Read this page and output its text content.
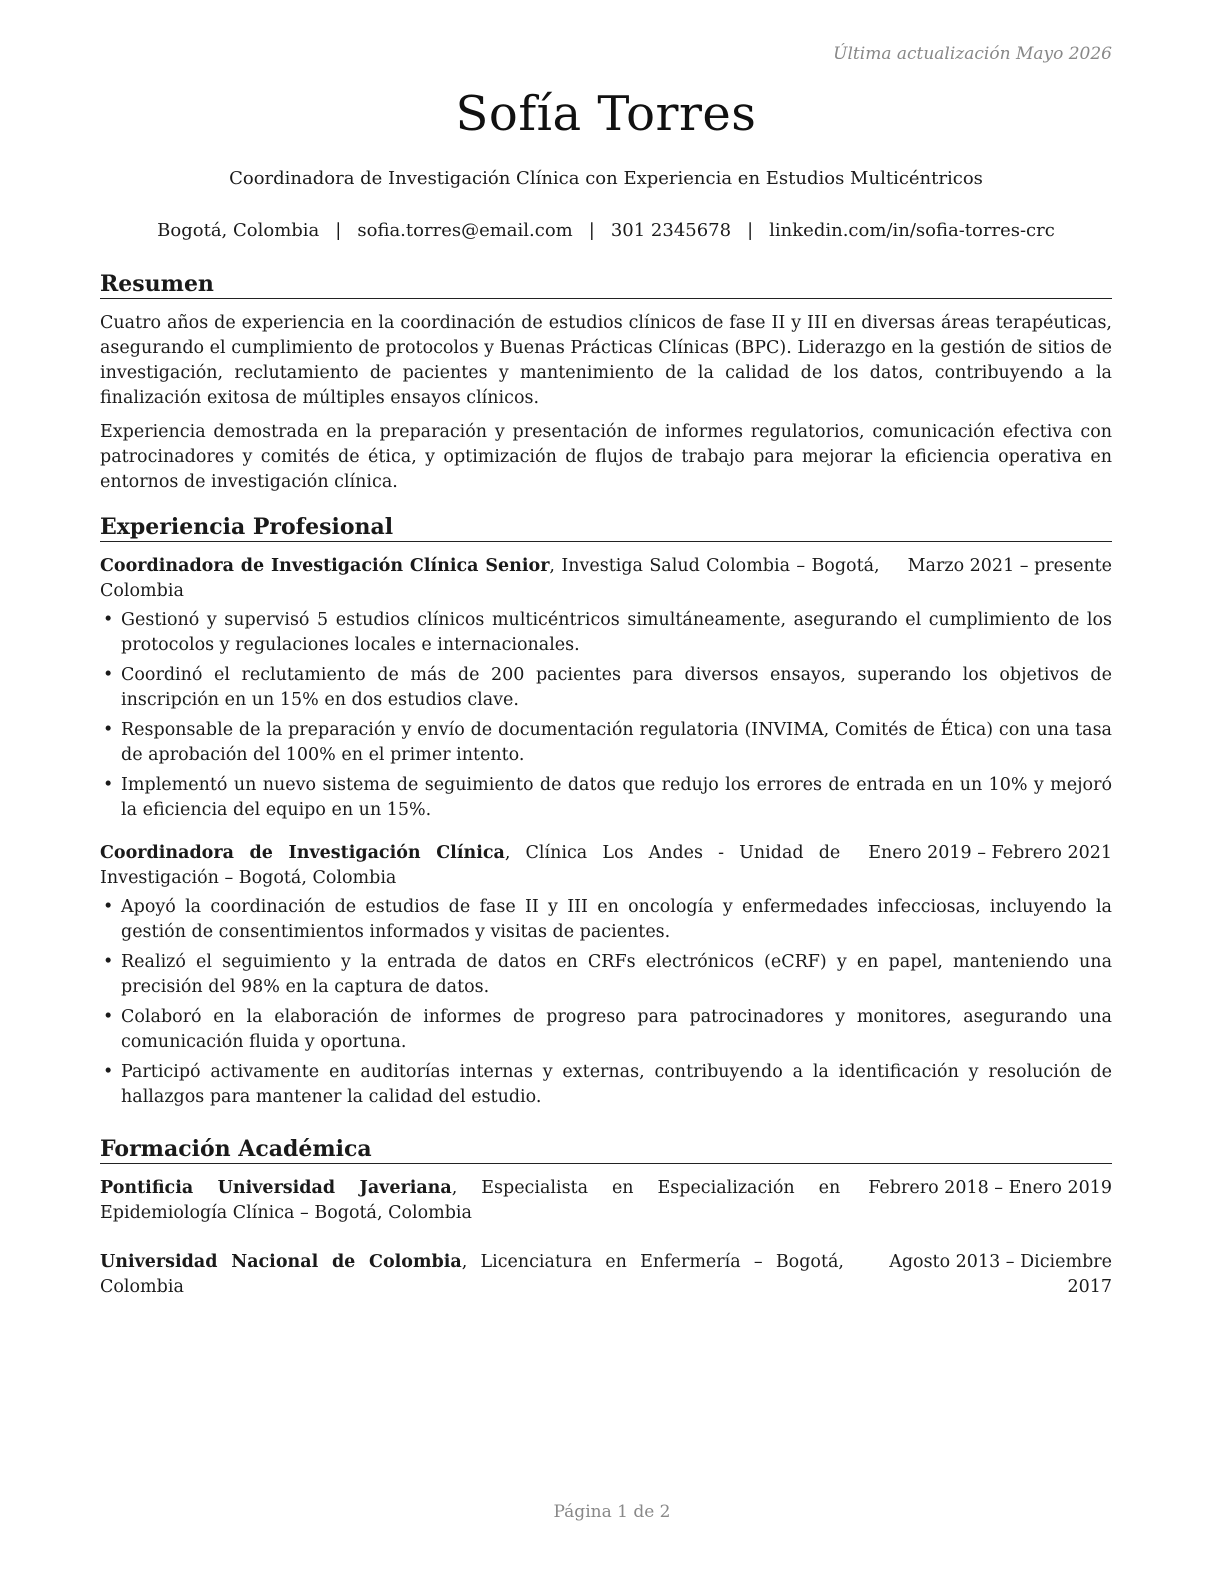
Última actualización Mayo 2026
Sofía Torres
Coordinadora de Investigación Clínica con Experiencia en Estudios Multicéntricos
Bogotá, Colombia | sofia.torres@email.com | 301 2345678 | linkedin.com/in/sofia-torres-crc
Resumen

Cuatro años de experiencia en la coordinación de estudios clínicos de fase II y III en diversas áreas terapéuticas, asegurando el cumplimiento de protocolos y Buenas Prácticas Clínicas (BPC). Liderazgo en la gestión de sitios de investigación, reclutamiento de pacientes y mantenimiento de la calidad de los datos, contribuyendo a la finalización exitosa de múltiples ensayos clínicos.

Experiencia demostrada en la preparación y presentación de informes regulatorios, comunicación efectiva con patrocinadores y comités de ética, y optimización de flujos de trabajo para mejorar la eficiencia operativa en entornos de investigación clínica.

Experiencia Profesional
Coordinadora de Investigación Clínica Senior, Investiga Salud Colombia – Bogotá, Colombia
Marzo 2021 – presente
• Gestionó y supervisó 5 estudios clínicos multicéntricos simultáneamente, asegurando el cumplimiento de los protocolos y regulaciones locales e internacionales.
• Coordinó el reclutamiento de más de 200 pacientes para diversos ensayos, superando los objetivos de inscripción en un 15% en dos estudios clave.
• Responsable de la preparación y envío de documentación regulatoria (INVIMA, Comités de Ética) con una tasa de aprobación del 100% en el primer intento.
• Implementó un nuevo sistema de seguimiento de datos que redujo los errores de entrada en un 10% y mejoró la eficiencia del equipo en un 15%.
Coordinadora de Investigación Clínica, Clínica Los Andes - Unidad de Investigación – Bogotá, Colombia
Enero 2019 – Febrero 2021
• Apoyó la coordinación de estudios de fase II y III en oncología y enfermedades infecciosas, incluyendo la gestión de consentimientos informados y visitas de pacientes.
• Realizó el seguimiento y la entrada de datos en CRFs electrónicos (eCRF) y en papel, manteniendo una precisión del 98% en la captura de datos.
• Colaboró en la elaboración de informes de progreso para patrocinadores y monitores, asegurando una comunicación fluida y oportuna.
• Participó activamente en auditorías internas y externas, contribuyendo a la identificación y resolución de hallazgos para mantener la calidad del estudio.
Formación Académica
Pontificia Universidad Javeriana, Especialista en Especialización en Epidemiología Clínica – Bogotá, Colombia
Febrero 2018 – Enero 2019
Universidad Nacional de Colombia, Licenciatura en Enfermería – Bogotá, Colombia
Agosto 2013 – Diciembre 2017
Página 1 de 2
